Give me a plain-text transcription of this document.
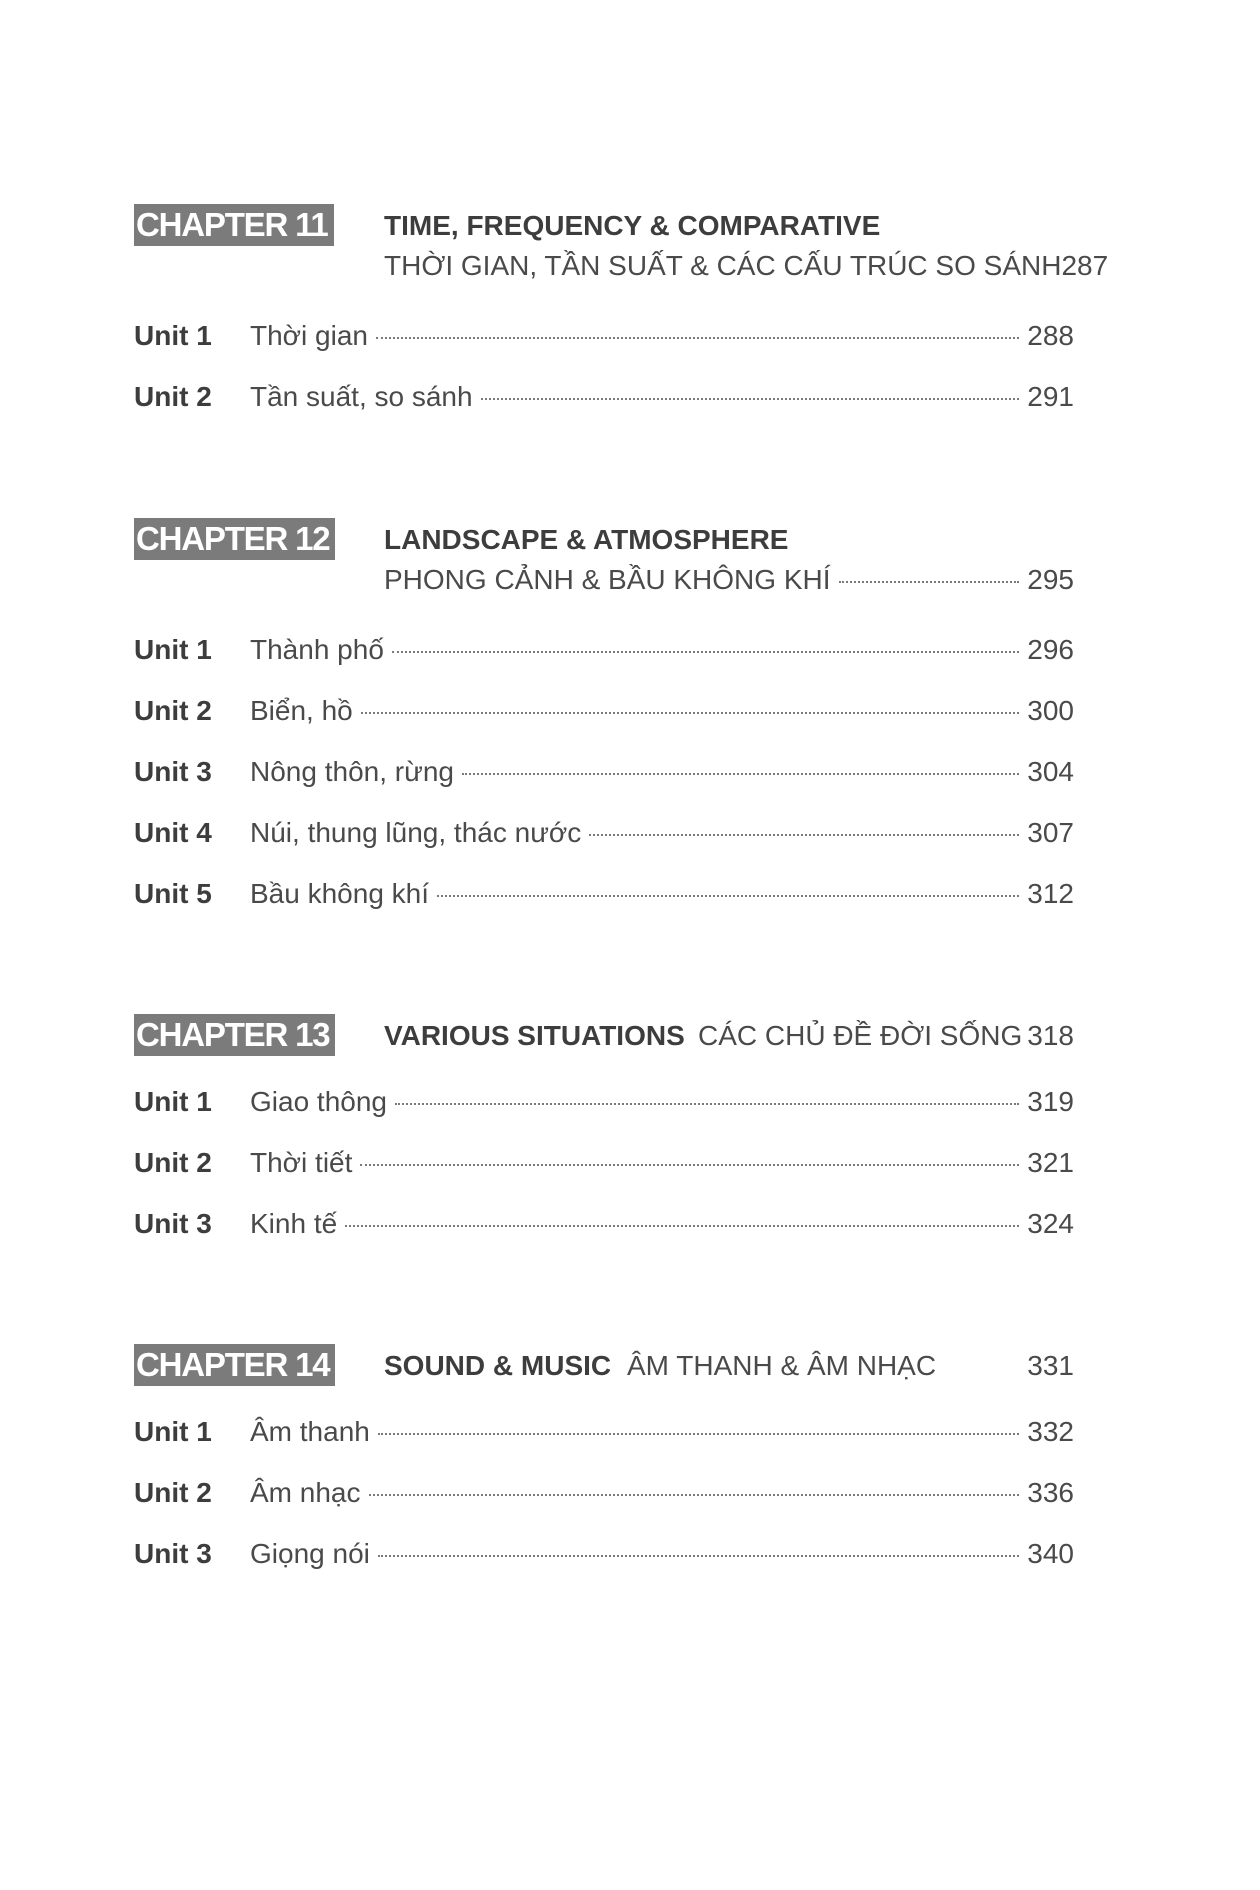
CHAPTER 11 TIME, FREQUENCY & COMPARATIVE
THỜI GIAN, TẦN SUẤT & CÁC CẤU TRÚC SO SÁNH 287
Unit 1	Thời gian	288
Unit 2	Tần suất, so sánh	291
CHAPTER 12 LANDSCAPE & ATMOSPHERE
PHONG CẢNH & BẦU KHÔNG KHÍ	295
Unit 1	Thành phố	296
Unit 2	Biển, hồ	300
Unit 3	Nông thôn, rừng	304
Unit 4	Núi, thung lũng, thác nước	307
Unit 5	Bầu không khí	312
CHAPTER 13 VARIOUS SITUATIONS CÁC CHỦ ĐỀ ĐỜI SỐNG 318
Unit 1	Giao thông	319
Unit 2	Thời tiết	321
Unit 3	Kinh tế	324
CHAPTER 14 SOUND & MUSIC ÂM THANH & ÂM NHẠC	331
Unit 1	Âm thanh	332
Unit 2	Âm nhạc	336
Unit 3	Giọng nói	340
